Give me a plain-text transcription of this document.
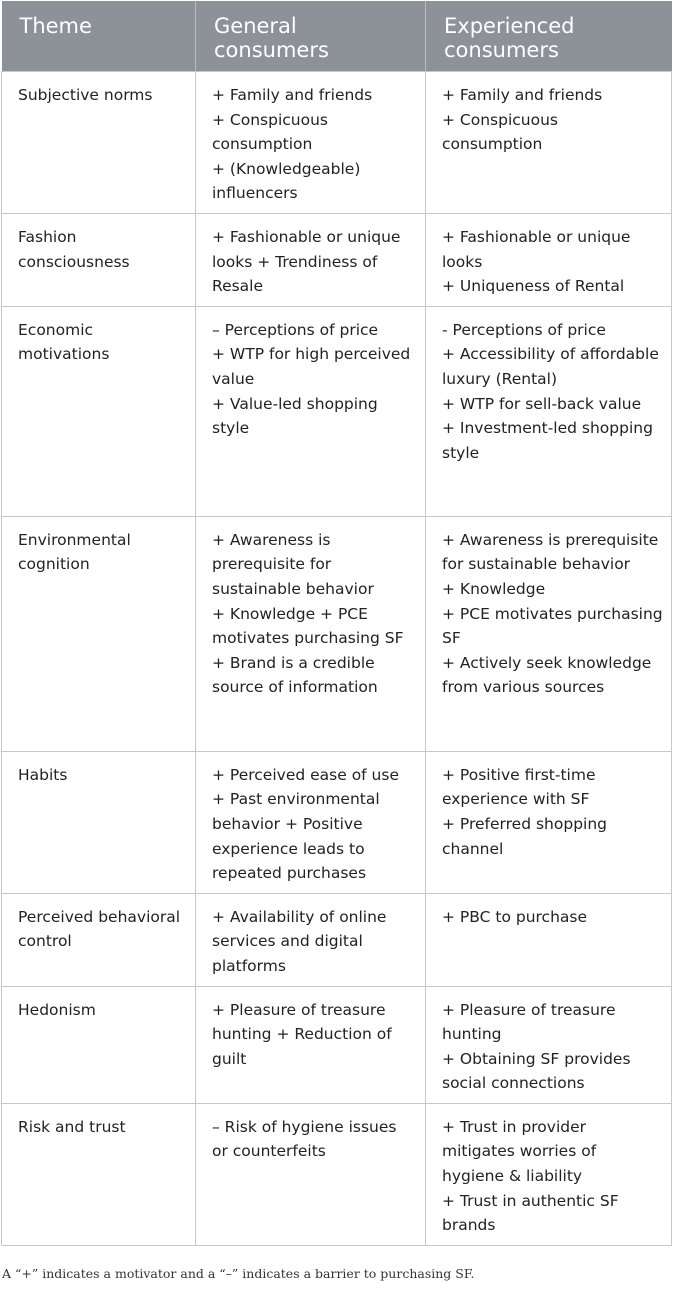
Theme	General consumers	Experienced consumers
Subjective norms	+ Family and friends
+ Conspicuous consumption
+ (Knowledgeable) influencers	+ Family and friends
+ Conspicuous consumption

Fashion consciousness	+ Fashionable or unique looks + Trendiness of Resale	+ Fashionable or unique looks
+ Uniqueness of Rental

Economic motivations	– Perceptions of price
+ WTP for high perceived value
+ Value-led shopping style	- Perceptions of price
+ Accessibility of affordable luxury (Rental)
+ WTP for sell-back value
+ Investment-led shopping style

Environmental cognition	+ Awareness is prerequisite for sustainable behavior
+ Knowledge + PCE motivates purchasing SF
+ Brand is a credible source of information	+ Awareness is prerequisite for sustainable behavior
+ Knowledge
+ PCE motivates purchasing SF
+ Actively seek knowledge from various sources

Habits	+ Perceived ease of use
+ Past environmental behavior + Positive experience leads to repeated purchases	+ Positive first-time experience with SF
+ Preferred shopping channel

Perceived behavioral control	+ Availability of online services and digital platforms	+ PBC to purchase

Hedonism	+ Pleasure of treasure hunting + Reduction of guilt	+ Pleasure of treasure hunting
+ Obtaining SF provides social connections

Risk and trust	– Risk of hygiene issues or counterfeits	+ Trust in provider mitigates worries of hygiene & liability
+ Trust in authentic SF brands
A “+” indicates a motivator and a “–” indicates a barrier to purchasing SF.
